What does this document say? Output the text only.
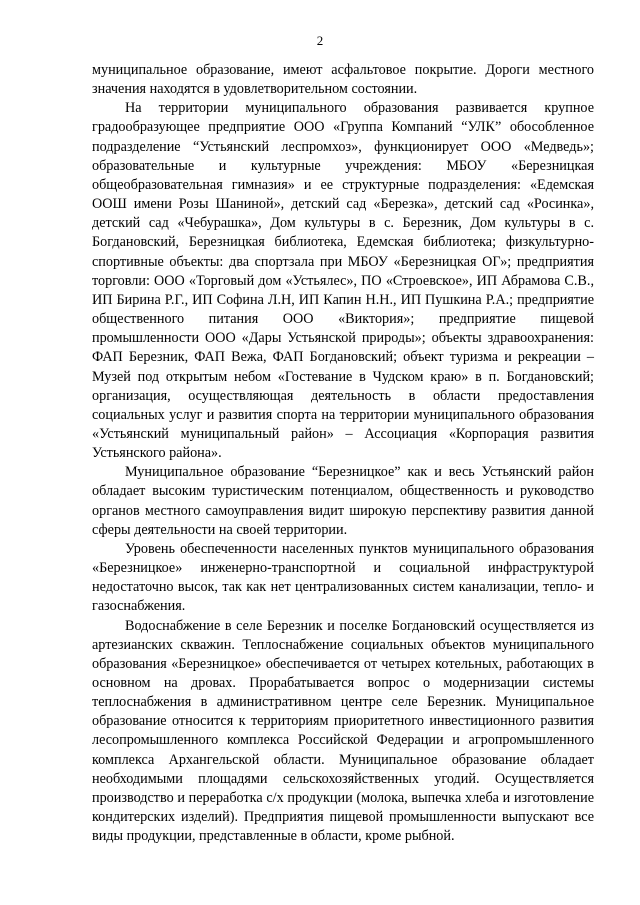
2

муниципальное образование, имеют асфальтовое покрытие. Дороги местного значения находятся в удовлетворительном состоянии.

На территории муниципального образования развивается крупное градообразующее предприятие ООО «Группа Компаний “УЛК” обособленное подразделение “Устьянский леспромхоз», функционирует ООО «Медведь»; образовательные и культурные учреждения: МБОУ «Березницкая общеобразовательная гимназия» и ее структурные подразделения: «Едемская ООШ имени Розы Шаниной», детский сад «Березка», детский сад «Росинка», детский сад «Чебурашка», Дом культуры в с. Березник, Дом культуры в с. Богдановский, Березницкая библиотека, Едемская библиотека; физкультурно-спортивные объекты: два спортзала при МБОУ «Березницкая ОГ»; предприятия торговли: ООО «Торговый дом «Устьялес», ПО «Строевское», ИП Абрамова С.В., ИП Бирина Р.Г., ИП Софина Л.Н, ИП Капин Н.Н., ИП Пушкина Р.А.; предприятие общественного питания ООО «Виктория»; предприятие пищевой промышленности ООО «Дары Устьянской природы»; объекты здравоохранения: ФАП Березник, ФАП Вежа, ФАП Богдановский; объект туризма и рекреации – Музей под открытым небом «Гостевание в Чудском краю» в п. Богдановский; организация, осуществляющая деятельность в области предоставления социальных услуг и развития спорта на территории муниципального образования «Устьянский муниципальный район» – Ассоциация «Корпорация развития Устьянского района».

Муниципальное образование “Березницкое” как и весь Устьянский район обладает высоким туристическим потенциалом, общественность и руководство органов местного самоуправления видит широкую перспективу развития данной сферы деятельности на своей территории.

Уровень обеспеченности населенных пунктов муниципального образования «Березницкое» инженерно-транспортной и социальной инфраструктурой недостаточно высок, так как нет централизованных систем канализации, тепло- и газоснабжения.

Водоснабжение в селе Березник и поселке Богдановский осуществляется из артезианских скважин. Теплоснабжение социальных объектов муниципального образования «Березницкое» обеспечивается от четырех котельных, работающих в основном на дровах. Прорабатывается вопрос о модернизации системы теплоснабжения в административном центре селе Березник. Муниципальное образование относится к территориям приоритетного инвестиционного развития лесопромышленного комплекса Российской Федерации и агропромышленного комплекса Архангельской области. Муниципальное образование обладает необходимыми площадями сельскохозяйственных угодий. Осуществляется производство и переработка с/х продукции (молока, выпечка хлеба и изготовление кондитерских изделий). Предприятия пищевой промышленности выпускают все виды продукции, представленные в области, кроме рыбной.
